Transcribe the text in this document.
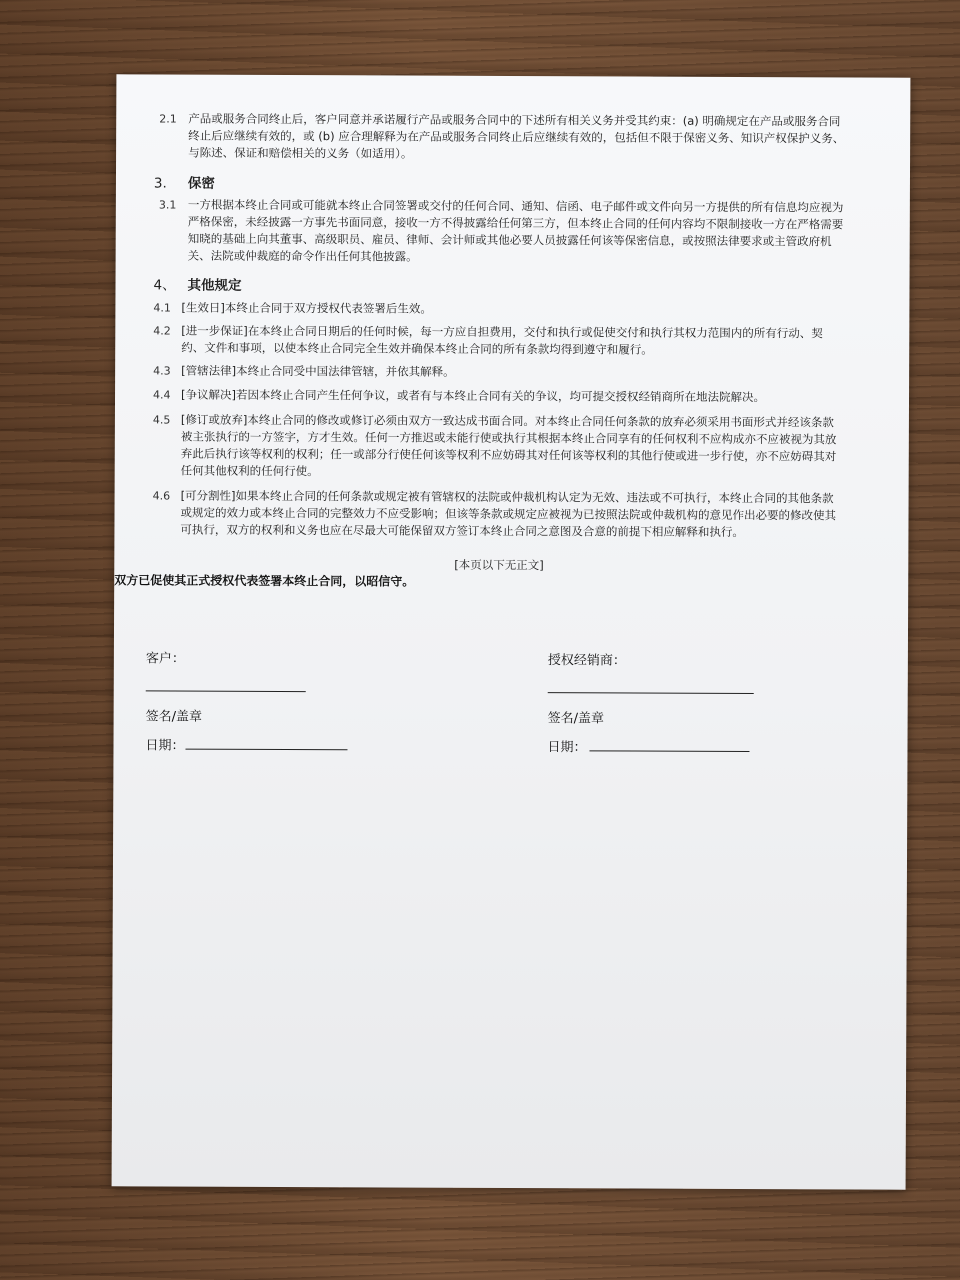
2.1 产品或服务合同终止后，客户同意并承诺履行产品或服务合同中的下述所有相关义务并受其约束：(a) 明确规定在产品或服务合同
终止后应继续有效的，或 (b) 应合理解释为在产品或服务合同终止后应继续有效的，包括但不限于保密义务、知识产权保护义务、
与陈述、保证和赔偿相关的义务（如适用）。
3. 保密
3.1 一方根据本终止合同或可能就本终止合同签署或交付的任何合同、通知、信函、电子邮件或文件向另一方提供的所有信息均应视为
严格保密，未经披露一方事先书面同意，接收一方不得披露给任何第三方，但本终止合同的任何内容均不限制接收一方在严格需要
知晓的基础上向其董事、高级职员、雇员、律师、会计师或其他必要人员披露任何该等保密信息，或按照法律要求或主管政府机
关、法院或仲裁庭的命令作出任何其他披露。
4、 其他规定
4.1 [生效日]本终止合同于双方授权代表签署后生效。
4.2 [进一步保证]在本终止合同日期后的任何时候，每一方应自担费用，交付和执行或促使交付和执行其权力范围内的所有行动、契
约、文件和事项，以使本终止合同完全生效并确保本终止合同的所有条款均得到遵守和履行。
4.3 [管辖法律]本终止合同受中国法律管辖，并依其解释。
4.4 [争议解决]若因本终止合同产生任何争议，或者有与本终止合同有关的争议，均可提交授权经销商所在地法院解决。
4.5 [修订或放弃]本终止合同的修改或修订必须由双方一致达成书面合同。对本终止合同任何条款的放弃必须采用书面形式并经该条款
被主张执行的一方签字，方才生效。任何一方推迟或未能行使或执行其根据本终止合同享有的任何权利不应构成亦不应被视为其放
弃此后执行该等权利的权利；任一或部分行使任何该等权利不应妨碍其对任何该等权利的其他行使或进一步行使，亦不应妨碍其对
任何其他权利的任何行使。
4.6 [可分割性]如果本终止合同的任何条款或规定被有管辖权的法院或仲裁机构认定为无效、违法或不可执行，本终止合同的其他条款
或规定的效力或本终止合同的完整效力不应受影响；但该等条款或规定应被视为已按照法院或仲裁机构的意见作出必要的修改使其
可执行，双方的权利和义务也应在尽最大可能保留双方签订本终止合同之意图及合意的前提下相应解释和执行。
[本页以下无正文]
双方已促使其正式授权代表签署本终止合同，以昭信守。
客户：
签名/盖章
日期：
授权经销商：
签名/盖章
日期：
